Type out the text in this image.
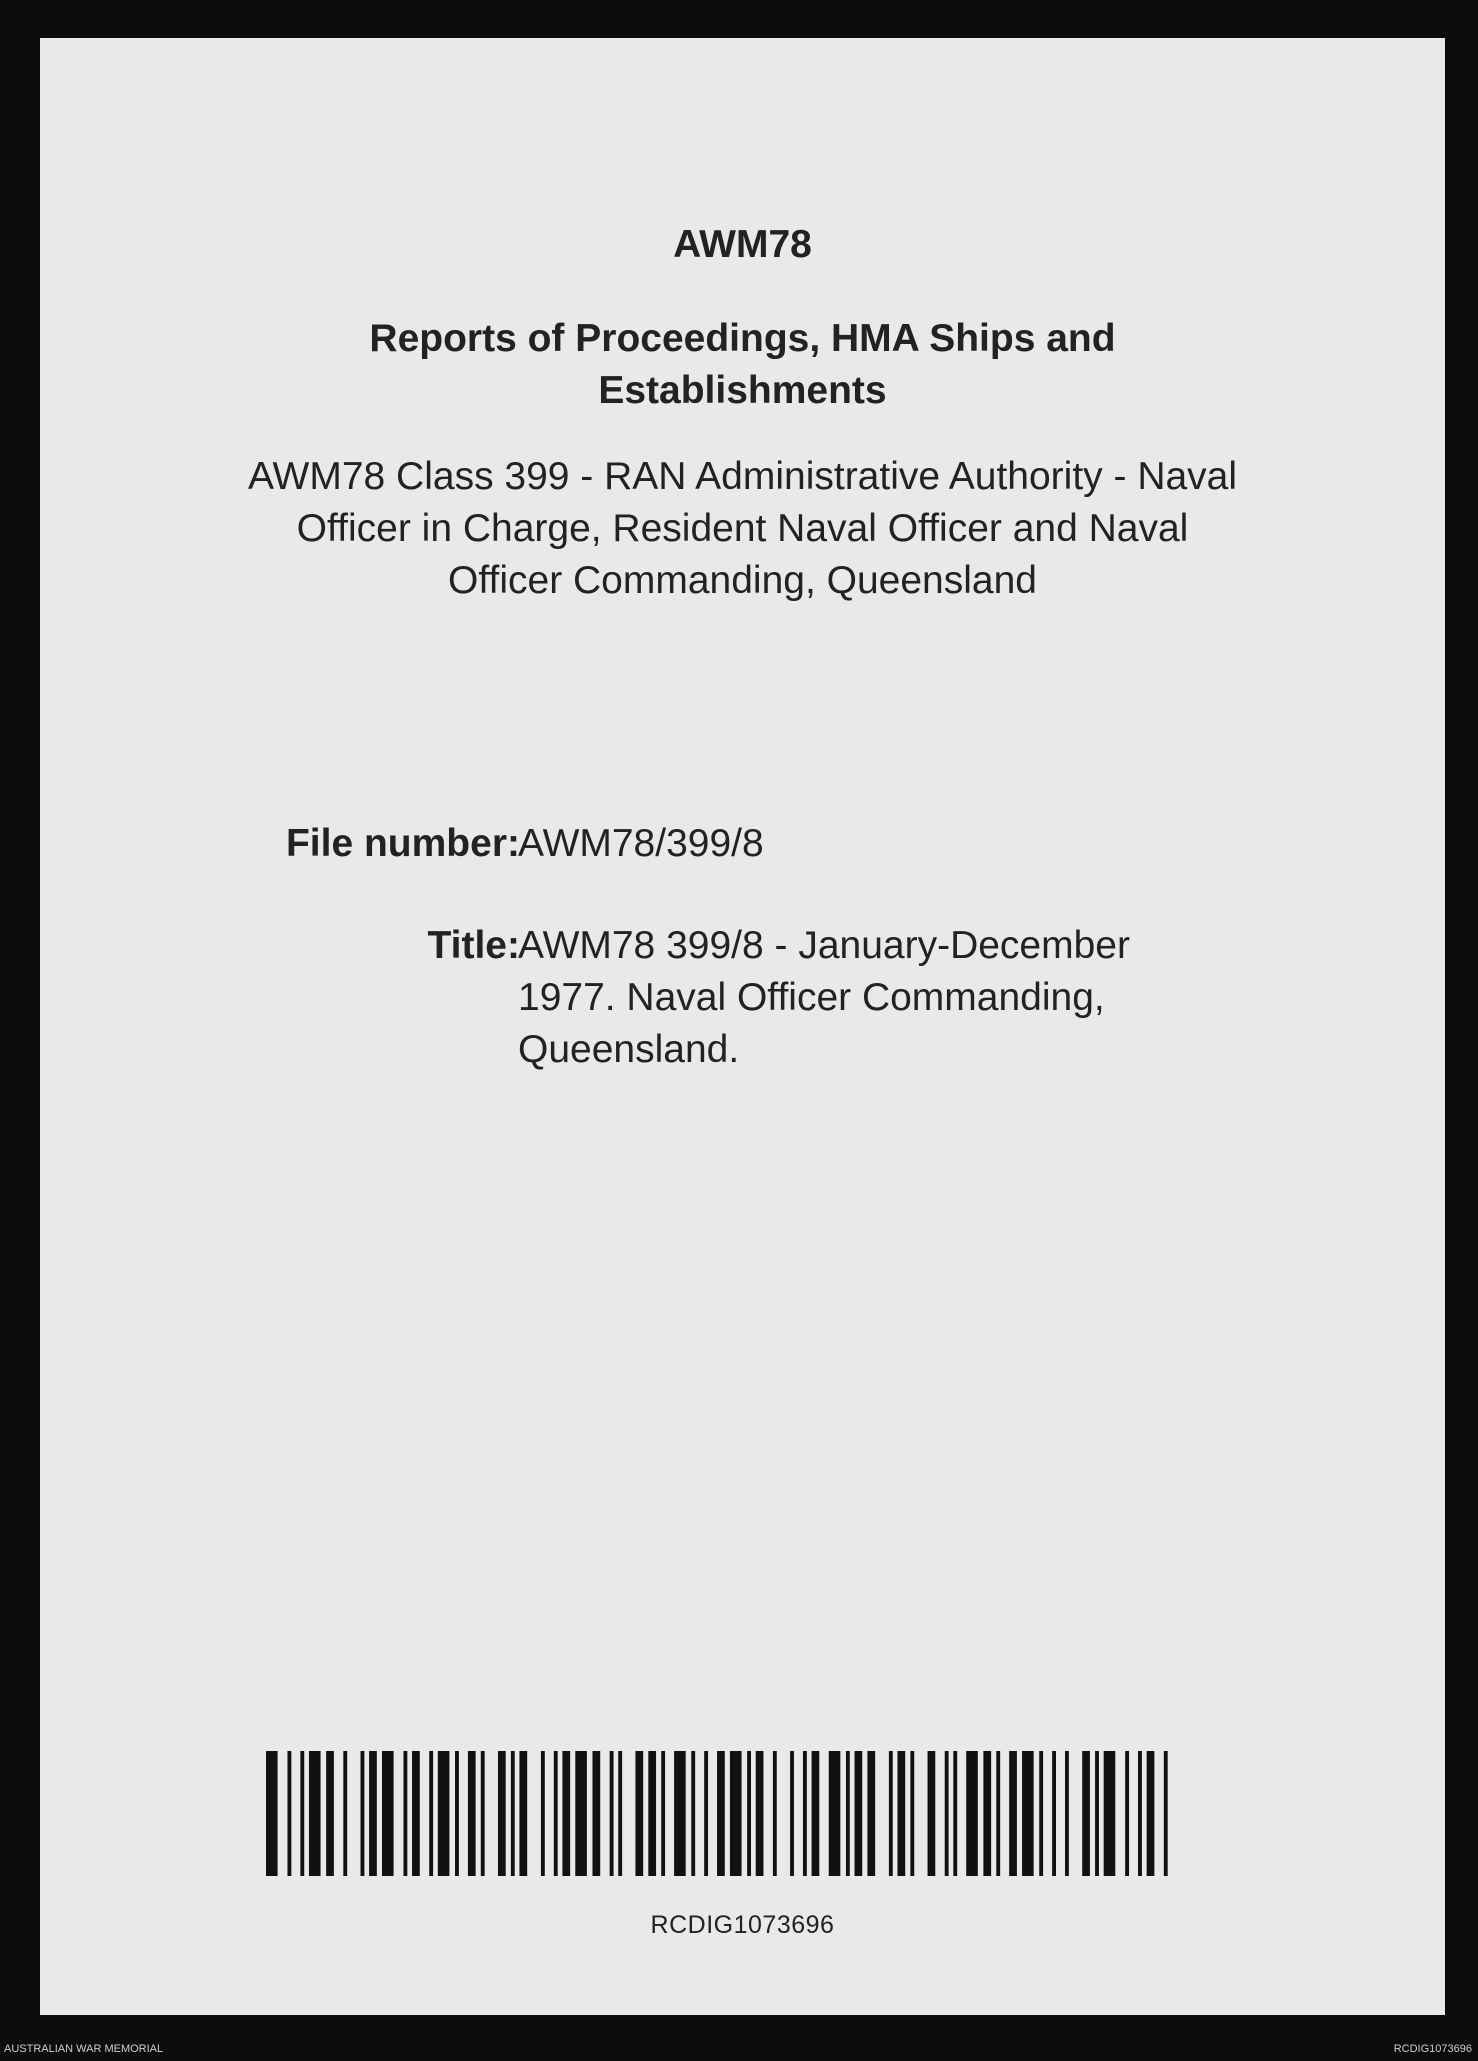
AWM78
Reports of Proceedings, HMA Ships and
Establishments
AWM78 Class 399 - RAN Administrative Authority - Naval
Officer in Charge, Resident Naval Officer and Naval
Officer Commanding, Queensland
File number:
AWM78/399/8
Title:
AWM78 399/8 - January-December
1977. Naval Officer Commanding,
Queensland.
RCDIG1073696
AUSTRALIAN WAR MEMORIAL	RCDIG1073696
